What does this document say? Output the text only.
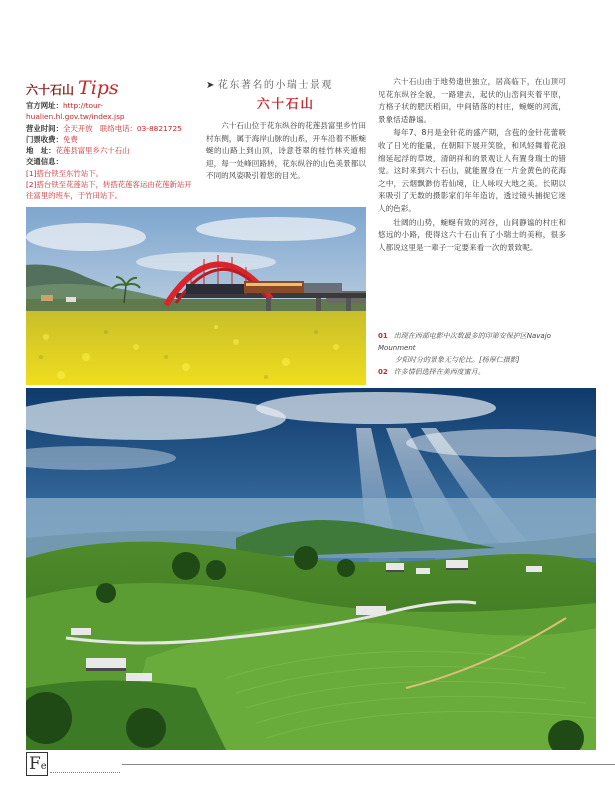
六十石山 Tips
官方网址：http://tour-hualien.hl.gov.tw/index.jsp
营业时间：全天开放　联络电话：03-8821725
门票收费：免费
地　址：花莲县富里乡六十石山
交通信息：
[1]搭台铁至东竹站下。
[2]搭台铁至花莲站下，转搭花莲客运由花莲新站开往富里的班车，于竹田站下。
➤ 花东著名的小瑞士景观
六十石山

六十石山位于花东纵谷的花莲县富里乡竹田村东侧，属于海岸山脉的山系，开车沿着不断蜿蜒的山路上到山顶，诗意苍翠的桂竹林夹道相迎，每一处峰回路转，花东纵谷的山色美景都以不同的风姿吸引着您的目光。

六十石山由于地势遗世独立，居高临下，在山顶可见花东纵谷全貌，一路建去，起伏的山峦间夹着平原，方格子状的肥沃稻田，中间错落的村庄，蜿蜒的河流，景象恬适静谧。

每年7、8月是金针花的盛产期，含苞的金针花蕾吸收了日光的能量，在朝阳下展开笑脸，和风轻舞着花浪绵延起浮的草坡，清朗祥和的景观让人有置身瑞士的错觉。这时来到六十石山，就能置身在一片金黄色的花海之中，云烟飘渺仿若仙境，让人咏叹大地之美。长期以来吸引了无数的摄影家们年年造访，透过镜头捕捉它迷人的色彩。

壮阔的山势，蜿蜒有致的河谷，山间静谧的村庄和悠远的小路，使得这六十石山有了小瑞士的美称，很多人都说这里是一辈子一定要来看一次的景致呢。

01 出现在西部电影中次数最多的印第安保护区Navajo Mounment
夕阳时分的景象无与伦比。[杨厚仁摄影]
02 许多情侣选择在美西度蜜月。
Fe
